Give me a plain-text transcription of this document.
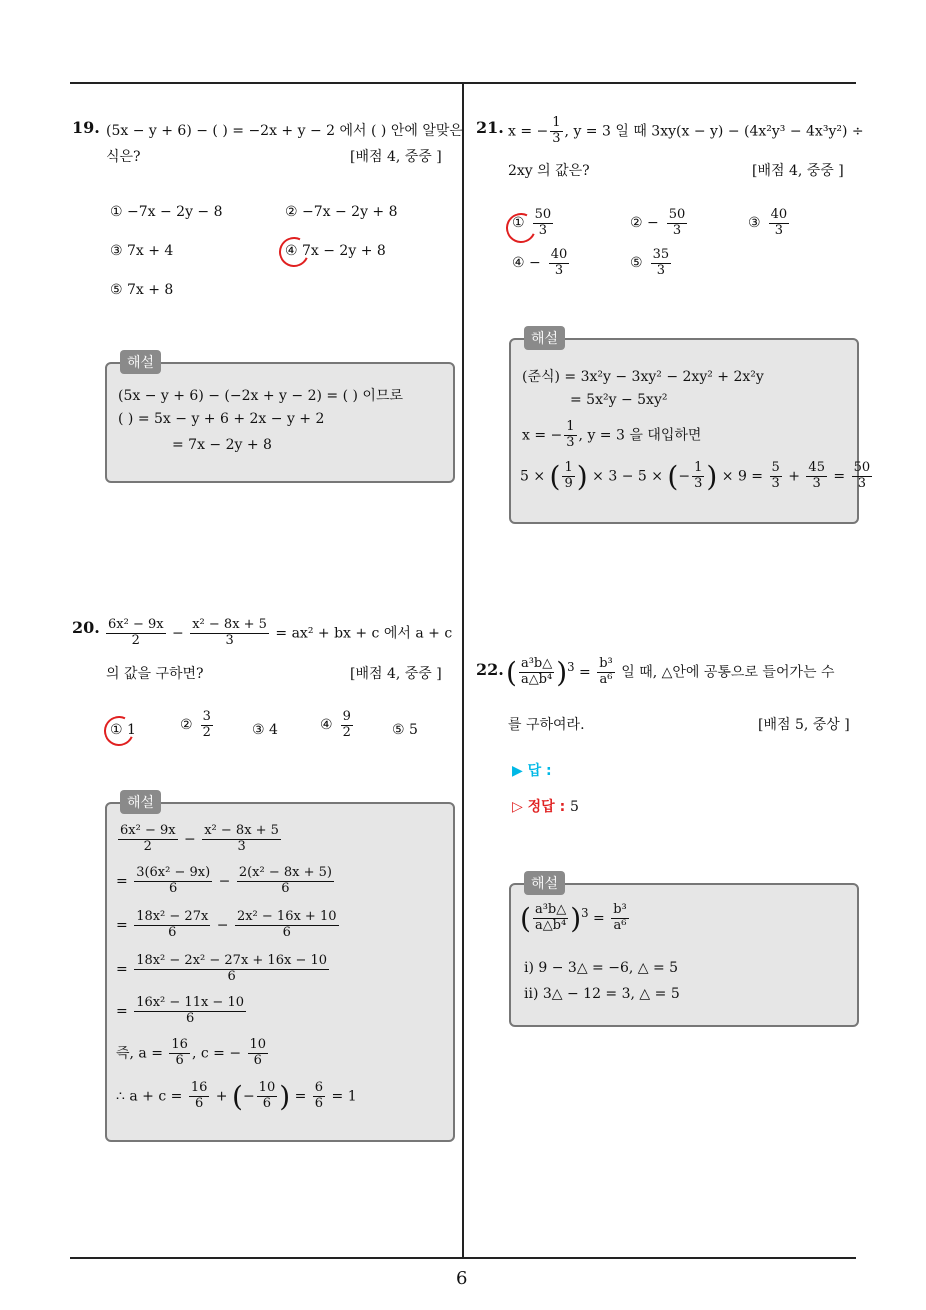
19. (5x − y + 6) − ( ) = −2x + y − 2 에서 ( ) 안에 알맞은
식은?	[배점 4, 중중 ]
① −7x − 2y − 8	② −7x − 2y + 8
③ 7x + 4	④ 7x − 2y + 8
⑤ 7x + 8
해설
(5x − y + 6) − (−2x + y − 2) = ( ) 이므로
( ) = 5x − y + 6 + 2x − y + 2
= 7x − 2y + 8
20. $\frac{\text{6x² − 9x}}{2} - \frac{\text{x² − 8x + 5}}{3} = ax^2$ + bx + c 에서 a + c
의 값을 구하면?	[배점 4, 중중 ]
① 1	② $\frac{3}{2}$	③ 4	④ $\frac{9}{2}$	⑤ 5
해설
$\frac{\text{6x² − 9x}}{2} - \frac{\text{x² − 8x + 5}}{3}$
= $\frac{\text{3(6x² − 9x)}}{6} - \frac{\text{2(x² − 8x + 5)}}{6}$
= $\frac{\text{18x² − 27x}}{6} - \frac{\text{2x² − 16x + 10}}{6}$
= $\frac{\text{18x² − 2x² − 27x + 16x − 10}}{6}$
= $\frac{\text{16x² − 11x − 10}}{6}$
즉, $a = \frac{16}{6}$ , c = − $\frac{10}{6}$
∴ $a + c = \frac{16}{6}$ + (− $\frac{10}{6}$ ) = $\frac{6}{6} = 1$
21. x = − $\frac{1}{3}$ , y = 3 일 때 3xy(x − y) − (4x²y³ − 4x³y²) ÷
2xy 의 값은?	[배점 4, 중중 ]
① $\frac{50}{3}$	② − $\frac{50}{3}$	③ $\frac{40}{3}$
④ − $\frac{40}{3}$	⑤ $\frac{35}{3}$
해설
(준식) = 3x²y − 3xy² − 2xy² + 2x²y
= 5x²y − 5xy²
x = − $\frac{1}{3}$ , y = 3 을 대입하면
5 × ( $\frac{1}{9}$ ) × 3 − 5 × (− $\frac{1}{3}$ ) × $9 = \frac{5}{3} + \frac{45}{3} = \frac{50}{3}$
22. ( $\frac{\text{a³b△}}{\text{a△b⁴}} )^3 = \frac{\text{b³}}{\text{a⁶}}$ 일 때, △안에 공통으로 들어가는 수
를 구하여라.	[배점 5, 중상 ]
▶ 답 :
▷ 정답 : 5
해설
( $\frac{\text{a³b△}}{\text{a△b⁴}} )^3 = \frac{\text{b³}}{\text{a⁶}}$
ⅰ) 9 − 3△ = −6, △ = 5
ⅱ) 3△ − 12 = 3, △ = 5
6
